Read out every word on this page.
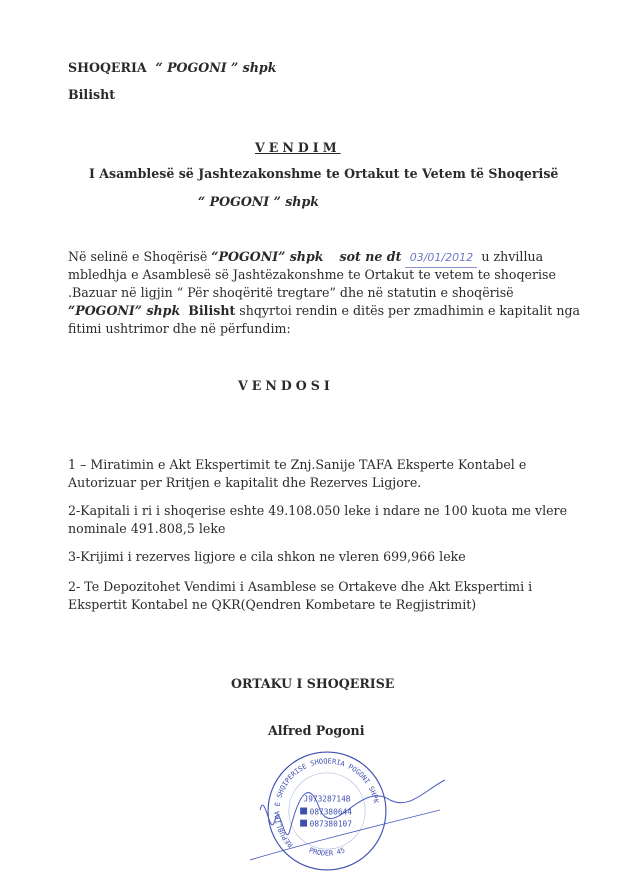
SHOQERIA “ POGONI ” shpk
Bilisht
VENDIM
I Asamblesë së Jashtezakonshme te Ortakut te Vetem të Shoqerisë
“ POGONI ” shpk
Në selinë e Shoqërisë “POGONI” shpk sot ne dt 03/01/2012 u zhvillua
mbledhja e Asamblesë së Jashtëzakonshme te Ortakut te vetem te shoqerise
.Bazuar në ligjin “ Për shoqëritë tregtare” dhe në statutin e shoqërisë
“POGONI” shpk Bilisht shqyrtoi rendin e ditës per zmadhimin e kapitalit nga
fitimi ushtrimor dhe në përfundim:
VENDOSI
1 – Miratimin e Akt Ekspertimit te Znj.Sanije TAFA Eksperte Kontabel e
Autorizuar per Rritjen e kapitalit dhe Rezerves Ligjore.
2-Kapitali i ri i shoqerise eshte 49.108.050 leke i ndare ne 100 kuota me vlere
nominale 491.808,5 leke
3-Krijimi i rezerves ligjore e cila shkon ne vleren 699,966 leke
2- Te Depozitohet Vendimi i Asamblese se Ortakeve dhe Akt Ekspertimi i
Ekspertit Kontabel ne QKR(Qendren Kombetare te Regjistrimit)
ORTAKU I SHOQERISE
Alfred Pogoni
REPUBLIKA E SHQIPERISE SHOQERIA POGONI SHPK
PRODER 45
J97328714B
087380644
087380107
